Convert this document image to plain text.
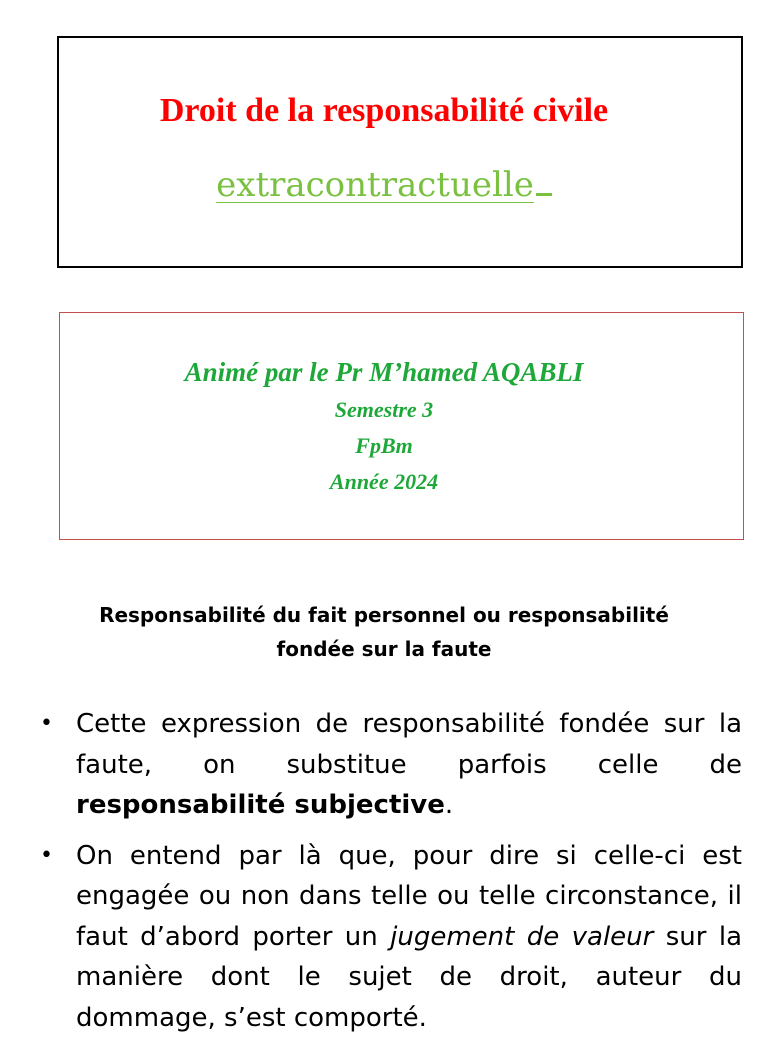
Droit de la responsabilité civile
extracontractuelle
Animé par le Pr M’hamed AQABLI
Semestre 3
FpBm
Année 2024
Responsabilité du fait personnel ou responsabilité
fondée sur la faute
• Cette expression de responsabilité fondée sur la faute, on substitue parfois celle de responsabilité subjective.
• On entend par là que, pour dire si celle-ci est engagée ou non dans telle ou telle circonstance, il faut d’abord porter un jugement de valeur sur la manière dont le sujet de droit, auteur du dommage, s’est comporté.
